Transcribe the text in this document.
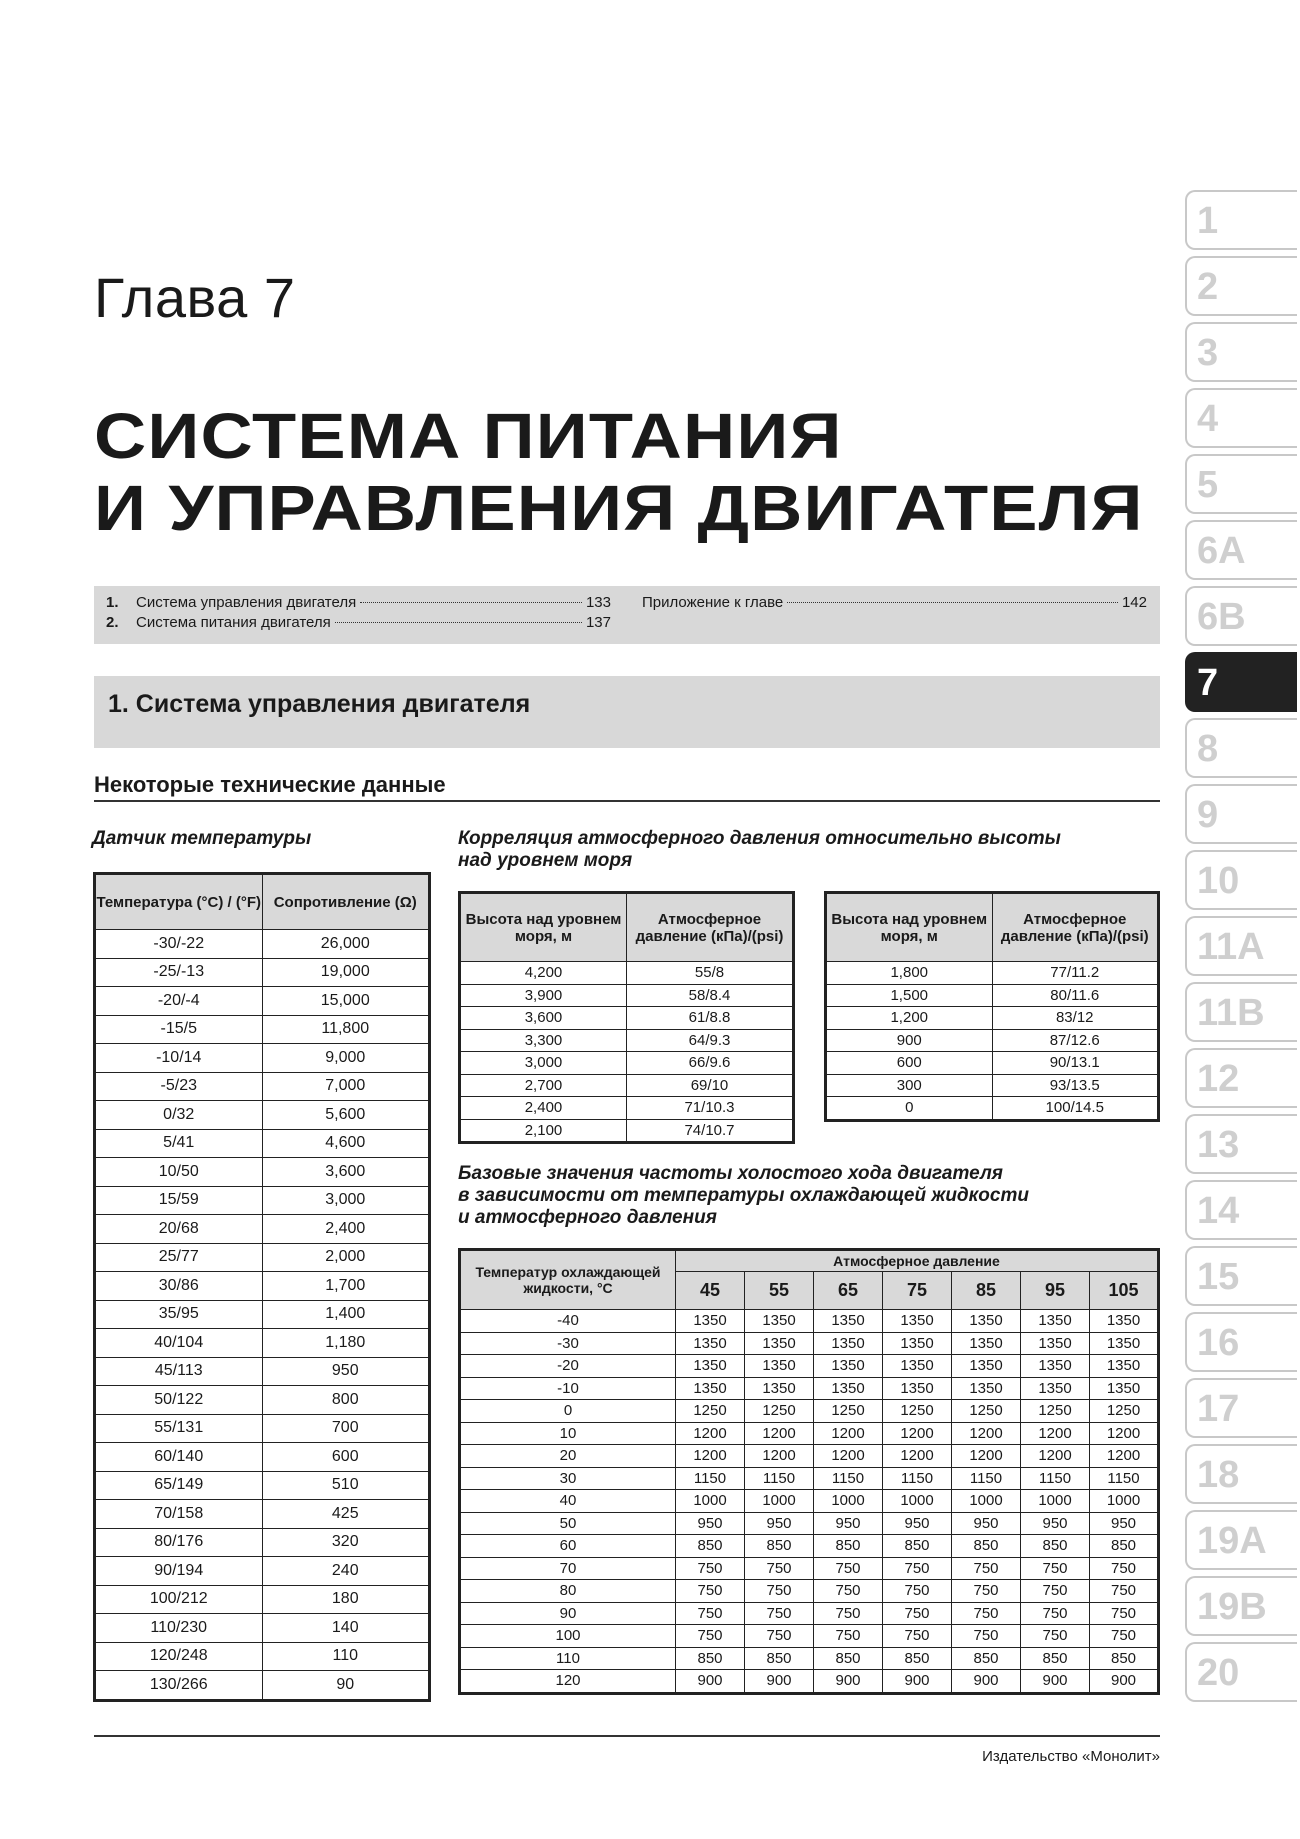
Глава 7
СИСТЕМА ПИТАНИЯ
И УПРАВЛЕНИЯ ДВИГАТЕЛЯ
1.	Система управления двигателя	133
2.	Система питания двигателя	137
Приложение к главе	142
1. Система управления двигателя
Некоторые технические данные
Датчик температуры
Температура (°C) / (°F)	Сопротивление (Ω)
-30/-22	26,000
-25/-13	19,000
-20/-4	15,000
-15/5	11,800
-10/14	9,000
-5/23	7,000
0/32	5,600
5/41	4,600
10/50	3,600
15/59	3,000
20/68	2,400
25/77	2,000
30/86	1,700
35/95	1,400
40/104	1,180
45/113	950
50/122	800
55/131	700
60/140	600
65/149	510
70/158	425
80/176	320
90/194	240
100/212	180
110/230	140
120/248	110
130/266	90
Корреляция атмосферного давления относительно высоты
над уровнем моря
Высота над уровнем моря, м	Атмосферное давление (кПа)/(psi)
4,200	55/8
3,900	58/8.4
3,600	61/8.8
3,300	64/9.3
3,000	66/9.6
2,700	69/10
2,400	71/10.3
2,100	74/10.7
Высота над уровнем моря, м	Атмосферное давление (кПа)/(psi)
1,800	77/11.2
1,500	80/11.6
1,200	83/12
900	87/12.6
600	90/13.1
300	93/13.5
0	100/14.5
Базовые значения частоты холостого хода двигателя
в зависимости от температуры охлаждающей жидкости
и атмосферного давления
Температур охлаждающей жидкости, °C	Атмосферное давление						
	45	55	65	75	85	95	105
-40	1350	1350	1350	1350	1350	1350	1350
-30	1350	1350	1350	1350	1350	1350	1350
-20	1350	1350	1350	1350	1350	1350	1350
-10	1350	1350	1350	1350	1350	1350	1350
0	1250	1250	1250	1250	1250	1250	1250
10	1200	1200	1200	1200	1200	1200	1200
20	1200	1200	1200	1200	1200	1200	1200
30	1150	1150	1150	1150	1150	1150	1150
40	1000	1000	1000	1000	1000	1000	1000
50	950	950	950	950	950	950	950
60	850	850	850	850	850	850	850
70	750	750	750	750	750	750	750
80	750	750	750	750	750	750	750
90	750	750	750	750	750	750	750
100	750	750	750	750	750	750	750
110	850	850	850	850	850	850	850
120	900	900	900	900	900	900	900
1
2
3
4
5
6A
6B
7
8
9
10
11A
11B
12
13
14
15
16
17
18
19A
19B
20
Издательство «Монолит»
